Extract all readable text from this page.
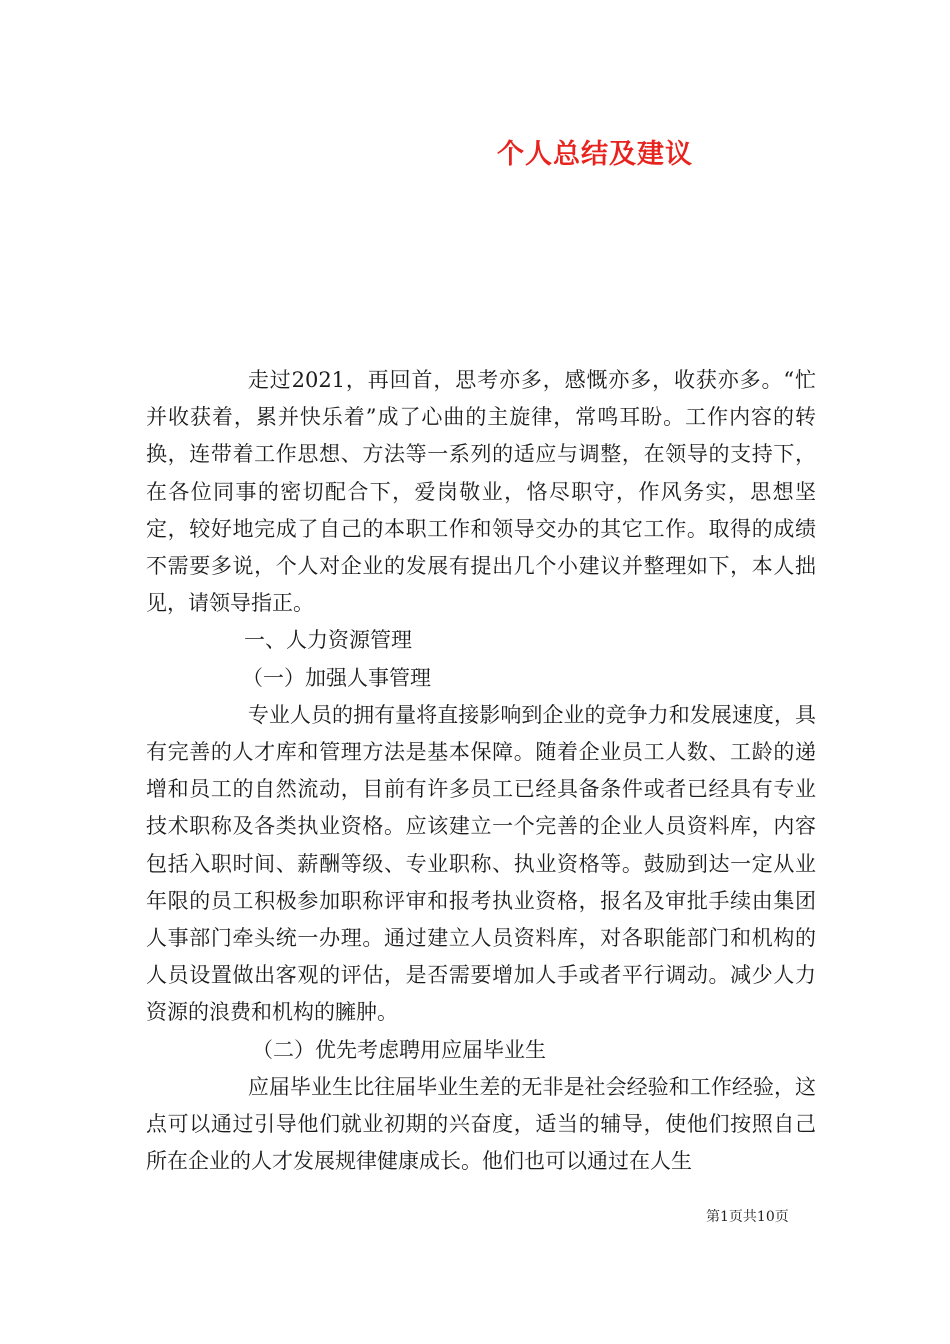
个人总结及建议

走过2021，再回首，思考亦多，感慨亦多，收获亦多。“忙并收获着，累并快乐着”成了心曲的主旋律，常鸣耳盼。工作内容的转换，连带着工作思想、方法等一系列的适应与调整，在领导的支持下，在各位同事的密切配合下，爱岗敬业，恪尽职守，作风务实，思想坚定，较好地完成了自己的本职工作和领导交办的其它工作。取得的成绩不需要多说，个人对企业的发展有提出几个小建议并整理如下，本人拙见，请领导指正。

一、人力资源管理

（一）加强人事管理

专业人员的拥有量将直接影响到企业的竞争力和发展速度，具有完善的人才库和管理方法是基本保障。随着企业员工人数、工龄的递增和员工的自然流动，目前有许多员工已经具备条件或者已经具有专业技术职称及各类执业资格。应该建立一个完善的企业人员资料库，内容包括入职时间、薪酬等级、专业职称、执业资格等。鼓励到达一定从业年限的员工积极参加职称评审和报考执业资格，报名及审批手续由集团人事部门牵头统一办理。通过建立人员资料库，对各职能部门和机构的人员设置做出客观的评估，是否需要增加人手或者平行调动。减少人力资源的浪费和机构的臃肿。

（二）优先考虑聘用应届毕业生

应届毕业生比往届毕业生差的无非是社会经验和工作经验，这点可以通过引导他们就业初期的兴奋度，适当的辅导，使他们按照自己所在企业的人才发展规律健康成长。他们也可以通过在人生

第1页共10页
